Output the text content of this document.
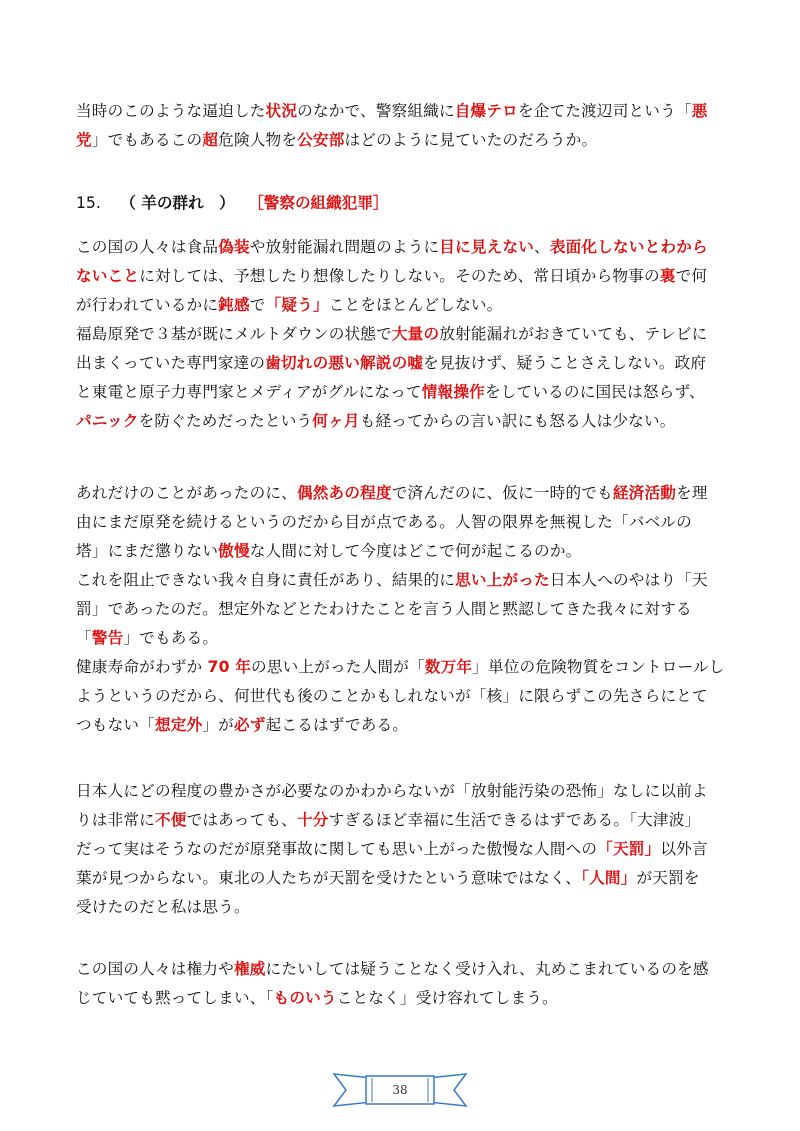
当時のこのような逼迫した状況のなかで、警察組織に自爆テロを企てた渡辺司という「悪
党」でもあるこの超危険人物を公安部はどのように見ていたのだろうか。
15. （ 羊の群れ ） ［警察の組織犯罪］
この国の人々は食品偽装や放射能漏れ問題のように目に見えない、表面化しないとわから
ないことに対しては、予想したり想像したりしない。そのため、常日頃から物事の裏で何
が行われているかに鈍感で「疑う」ことをほとんどしない。
福島原発で３基が既にメルトダウンの状態で大量の放射能漏れがおきていても、テレビに
出まくっていた専門家達の歯切れの悪い解説の嘘を見抜けず、疑うことさえしない。政府
と東電と原子力専門家とメディアがグルになって情報操作をしているのに国民は怒らず、
パニックを防ぐためだったという何ヶ月も経ってからの言い訳にも怒る人は少ない。
あれだけのことがあったのに、偶然あの程度で済んだのに、仮に一時的でも経済活動を理
由にまだ原発を続けるというのだから目が点である。人智の限界を無視した「バベルの
塔」にまだ懲りない傲慢な人間に対して今度はどこで何が起こるのか。
これを阻止できない我々自身に責任があり、結果的に思い上がった日本人へのやはり「天
罰」であったのだ。想定外などとたわけたことを言う人間と黙認してきた我々に対する
「警告」でもある。
健康寿命がわずか 70 年の思い上がった人間が「数万年」単位の危険物質をコントロールし
ようというのだから、何世代も後のことかもしれないが「核」に限らずこの先さらにとて
つもない「想定外」が必ず起こるはずである。
日本人にどの程度の豊かさが必要なのかわからないが「放射能汚染の恐怖」なしに以前よ
りは非常に不便ではあっても、十分すぎるほど幸福に生活できるはずである。「大津波」
だって実はそうなのだが原発事故に関しても思い上がった傲慢な人間への「天罰」以外言
葉が見つからない。東北の人たちが天罰を受けたという意味ではなく、「人間」が天罰を
受けたのだと私は思う。
この国の人々は権力や権威にたいしては疑うことなく受け入れ、丸めこまれているのを感
じていても黙ってしまい、「ものいうことなく」受け容れてしまう。
38
